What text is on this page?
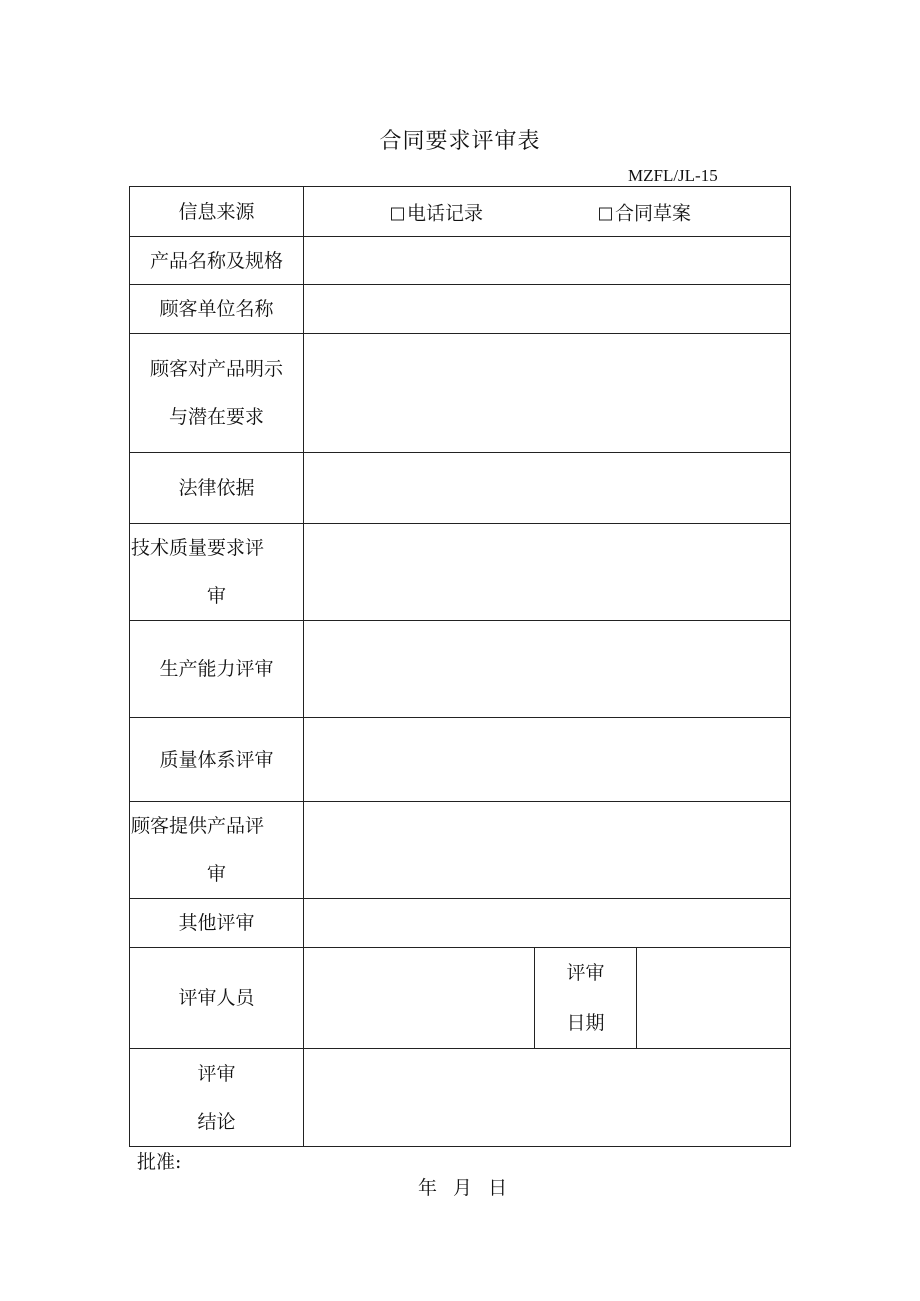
合同要求评审表
MZFL/JL-15
信息来源	电话记录 合同草案		

产品名称及规格			
顾客单位名称			

顾客对产品明示
与潜在要求			

法律依据			

技术质量要求评
审			

生产能力评审			
质量体系评审			

顾客提供产品评
审			

其他评审			
评审人员		评审
日期	

评审
结论			

批准:
年 月 日
